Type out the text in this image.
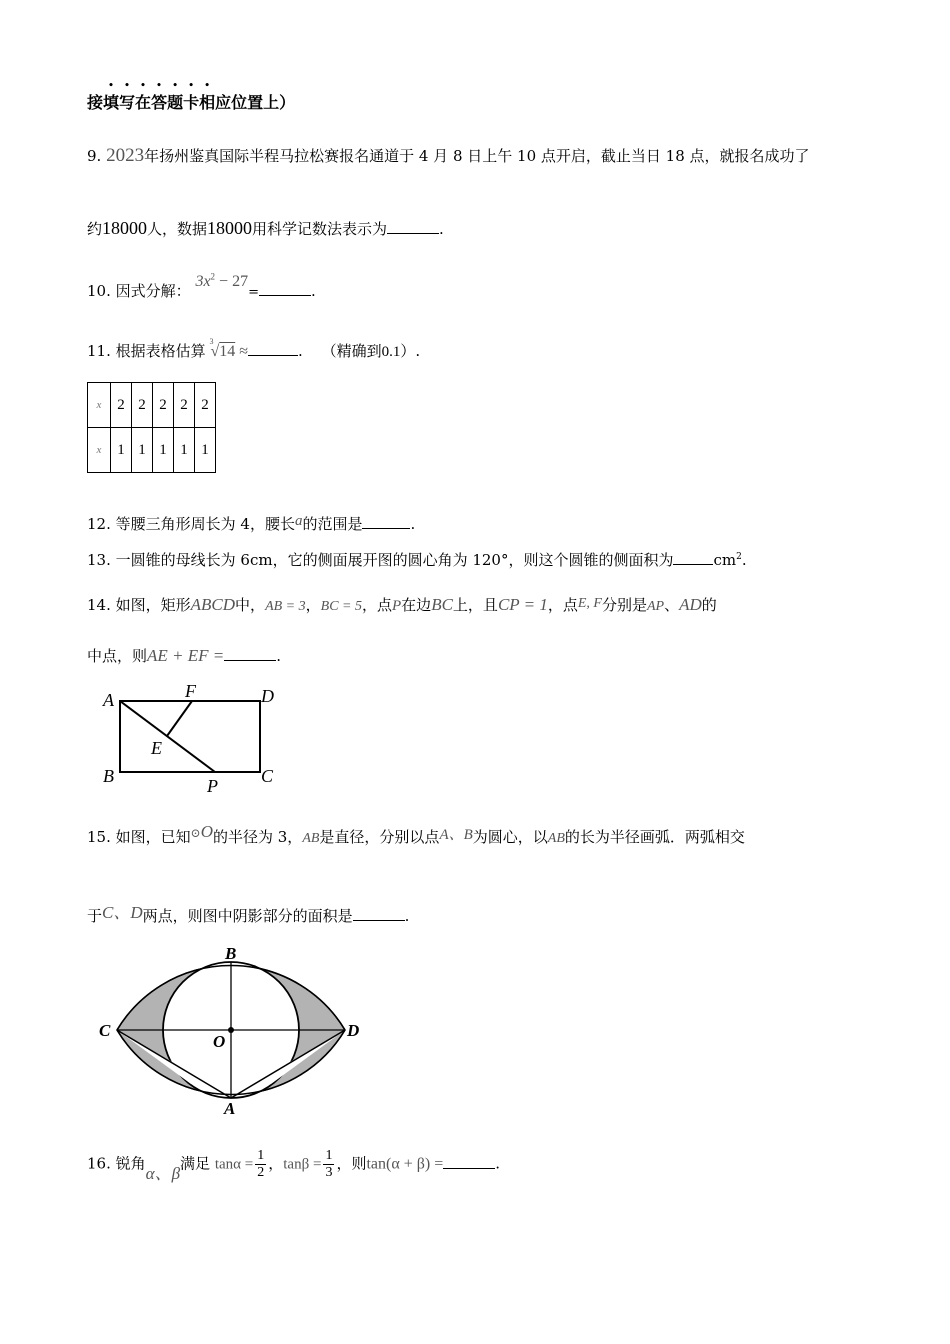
接填写在答题卡相应位置上）
9. 2023年扬州鉴真国际半程马拉松赛报名通道于 4 月 8 日上午 10 点开启，截止当日 18 点，就报名成功了
约18000人，数据18000用科学记数法表示为	.
10. 因式分解： $3x^2 - 27=$	.
11. 根据表格估算
3
√14 ≈	. （精确到0.1）.
x	2	2	2	2	2
x	1	1	1	1	1
12. 等腰三角形周长为 4，腰长a的范围是	.
13. 一圆锥的母线长为 6cm，它的侧面展开图的圆心角为 120°，则这个圆锥的侧面积为	$cm^2$.
14. 如图，矩形ABCD中，AB = 3，BC = 5，点P在边BC上，且CP = 1，点E, F分别是AP、AD的
中点，则AE + EF =	.
A	F	D
E
B	P C
15. 如图，已知⊙O的半径为 3，AB是直径，分别以点A、B为圆心，以AB的长为半径画弧．两弧相交
于C、D两点，则图中阴影部分的面积是	.
B
C	D
O
A
16. 锐角α、β满足 $\tan\alpha = \frac{1}{2}$ ，$\tan\beta = \frac{1}{3}$ ，则tan(α + β) =	.
